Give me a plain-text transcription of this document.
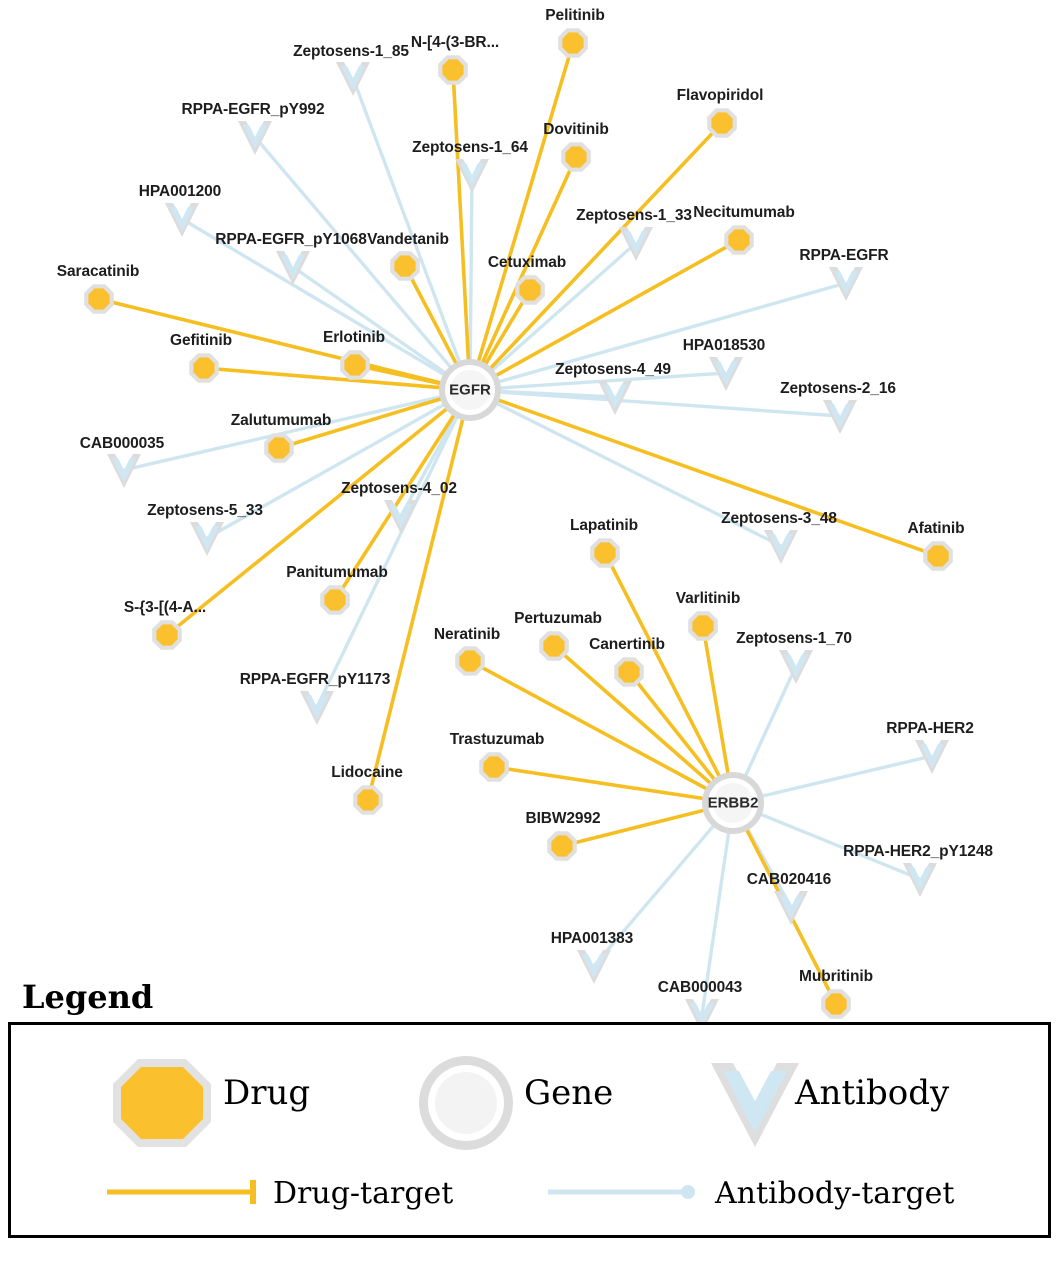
Pelitinib
N-[4-(3-BR...
Flavopiridol
Dovitinib
Necitumumab
Vandetanib
Cetuximab
Saracatinib
Gefitinib	Erlotinib
Zalutumumab
Afatinib
Lapatinib
Panitumumab
S-{3-[(4-A...
Varlitinib
Pertuzumab
Neratinib
Canertinib
Trastuzumab
Lidocaine
BIBW2992
Mubritinib
Zeptosens-1_85
RPPA-EGFR_pY992
Zeptosens-1_64
HPA001200
Zeptosens-1_33
RPPA-EGFR_pY1068
RPPA-EGFR
HPA018530
Zeptosens-4_49
Zeptosens-2_16
CAB000035
Zeptosens-5_33
Zeptosens-4_02
Zeptosens-3_48
Zeptosens-1_70
RPPA-EGFR_pY1173
RPPA-HER2
RPPA-HER2_pY1248
CAB020416
HPA001383
CAB000043
EGFR
ERBB2
Legend
Drug	Gene	Antibody
Drug-target	Antibody-target
